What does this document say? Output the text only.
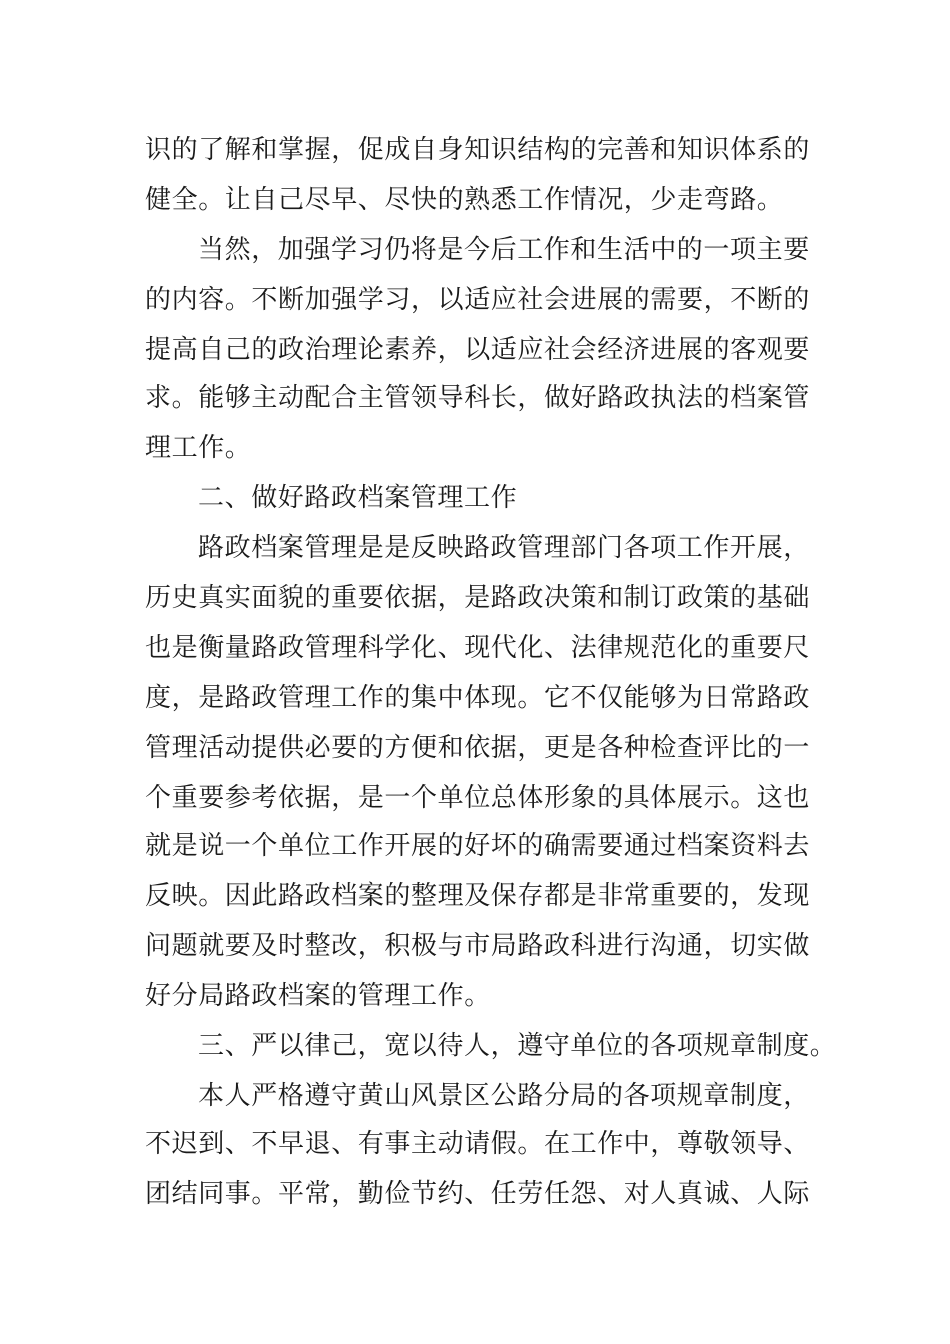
识的了解和掌握，促成自身知识结构的完善和知识体系的
健全。让自己尽早、尽快的熟悉工作情况，少走弯路。
当然，加强学习仍将是今后工作和生活中的一项主要
的内容。不断加强学习，以适应社会进展的需要，不断的
提高自己的政治理论素养，以适应社会经济进展的客观要
求。能够主动配合主管领导科长，做好路政执法的档案管
理工作。
二、做好路政档案管理工作
路政档案管理是是反映路政管理部门各项工作开展，
历史真实面貌的重要依据，是路政决策和制订政策的基础
也是衡量路政管理科学化、现代化、法律规范化的重要尺
度，是路政管理工作的集中体现。它不仅能够为日常路政
管理活动提供必要的方便和依据，更是各种检查评比的一
个重要参考依据，是一个单位总体形象的具体展示。这也
就是说一个单位工作开展的好坏的确需要通过档案资料去
反映。因此路政档案的整理及保存都是非常重要的，发现
问题就要及时整改，积极与市局路政科进行沟通，切实做
好分局路政档案的管理工作。
三、严以律己，宽以待人，遵守单位的各项规章制度。
本人严格遵守黄山风景区公路分局的各项规章制度，
不迟到、不早退、有事主动请假。在工作中，尊敬领导、
团结同事。平常，勤俭节约、任劳任怨、对人真诚、人际
